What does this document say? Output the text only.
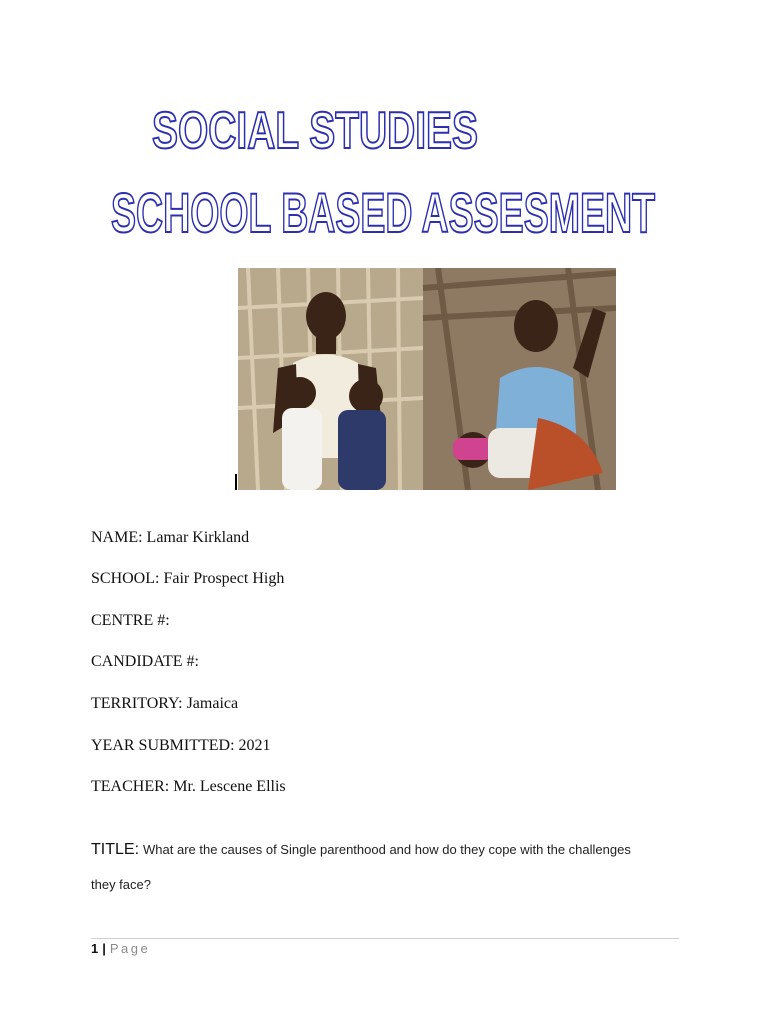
SOCIAL STUDIES
SCHOOL BASED ASSESMENT
NAME: Lamar Kirkland
SCHOOL: Fair Prospect High
CENTRE #:
CANDIDATE #:
TERRITORY: Jamaica
YEAR SUBMITTED: 2021
TEACHER: Mr. Lescene Ellis
TITLE: What are the causes of Single parenthood and how do they cope with the challenges
they face?
1 | Page
